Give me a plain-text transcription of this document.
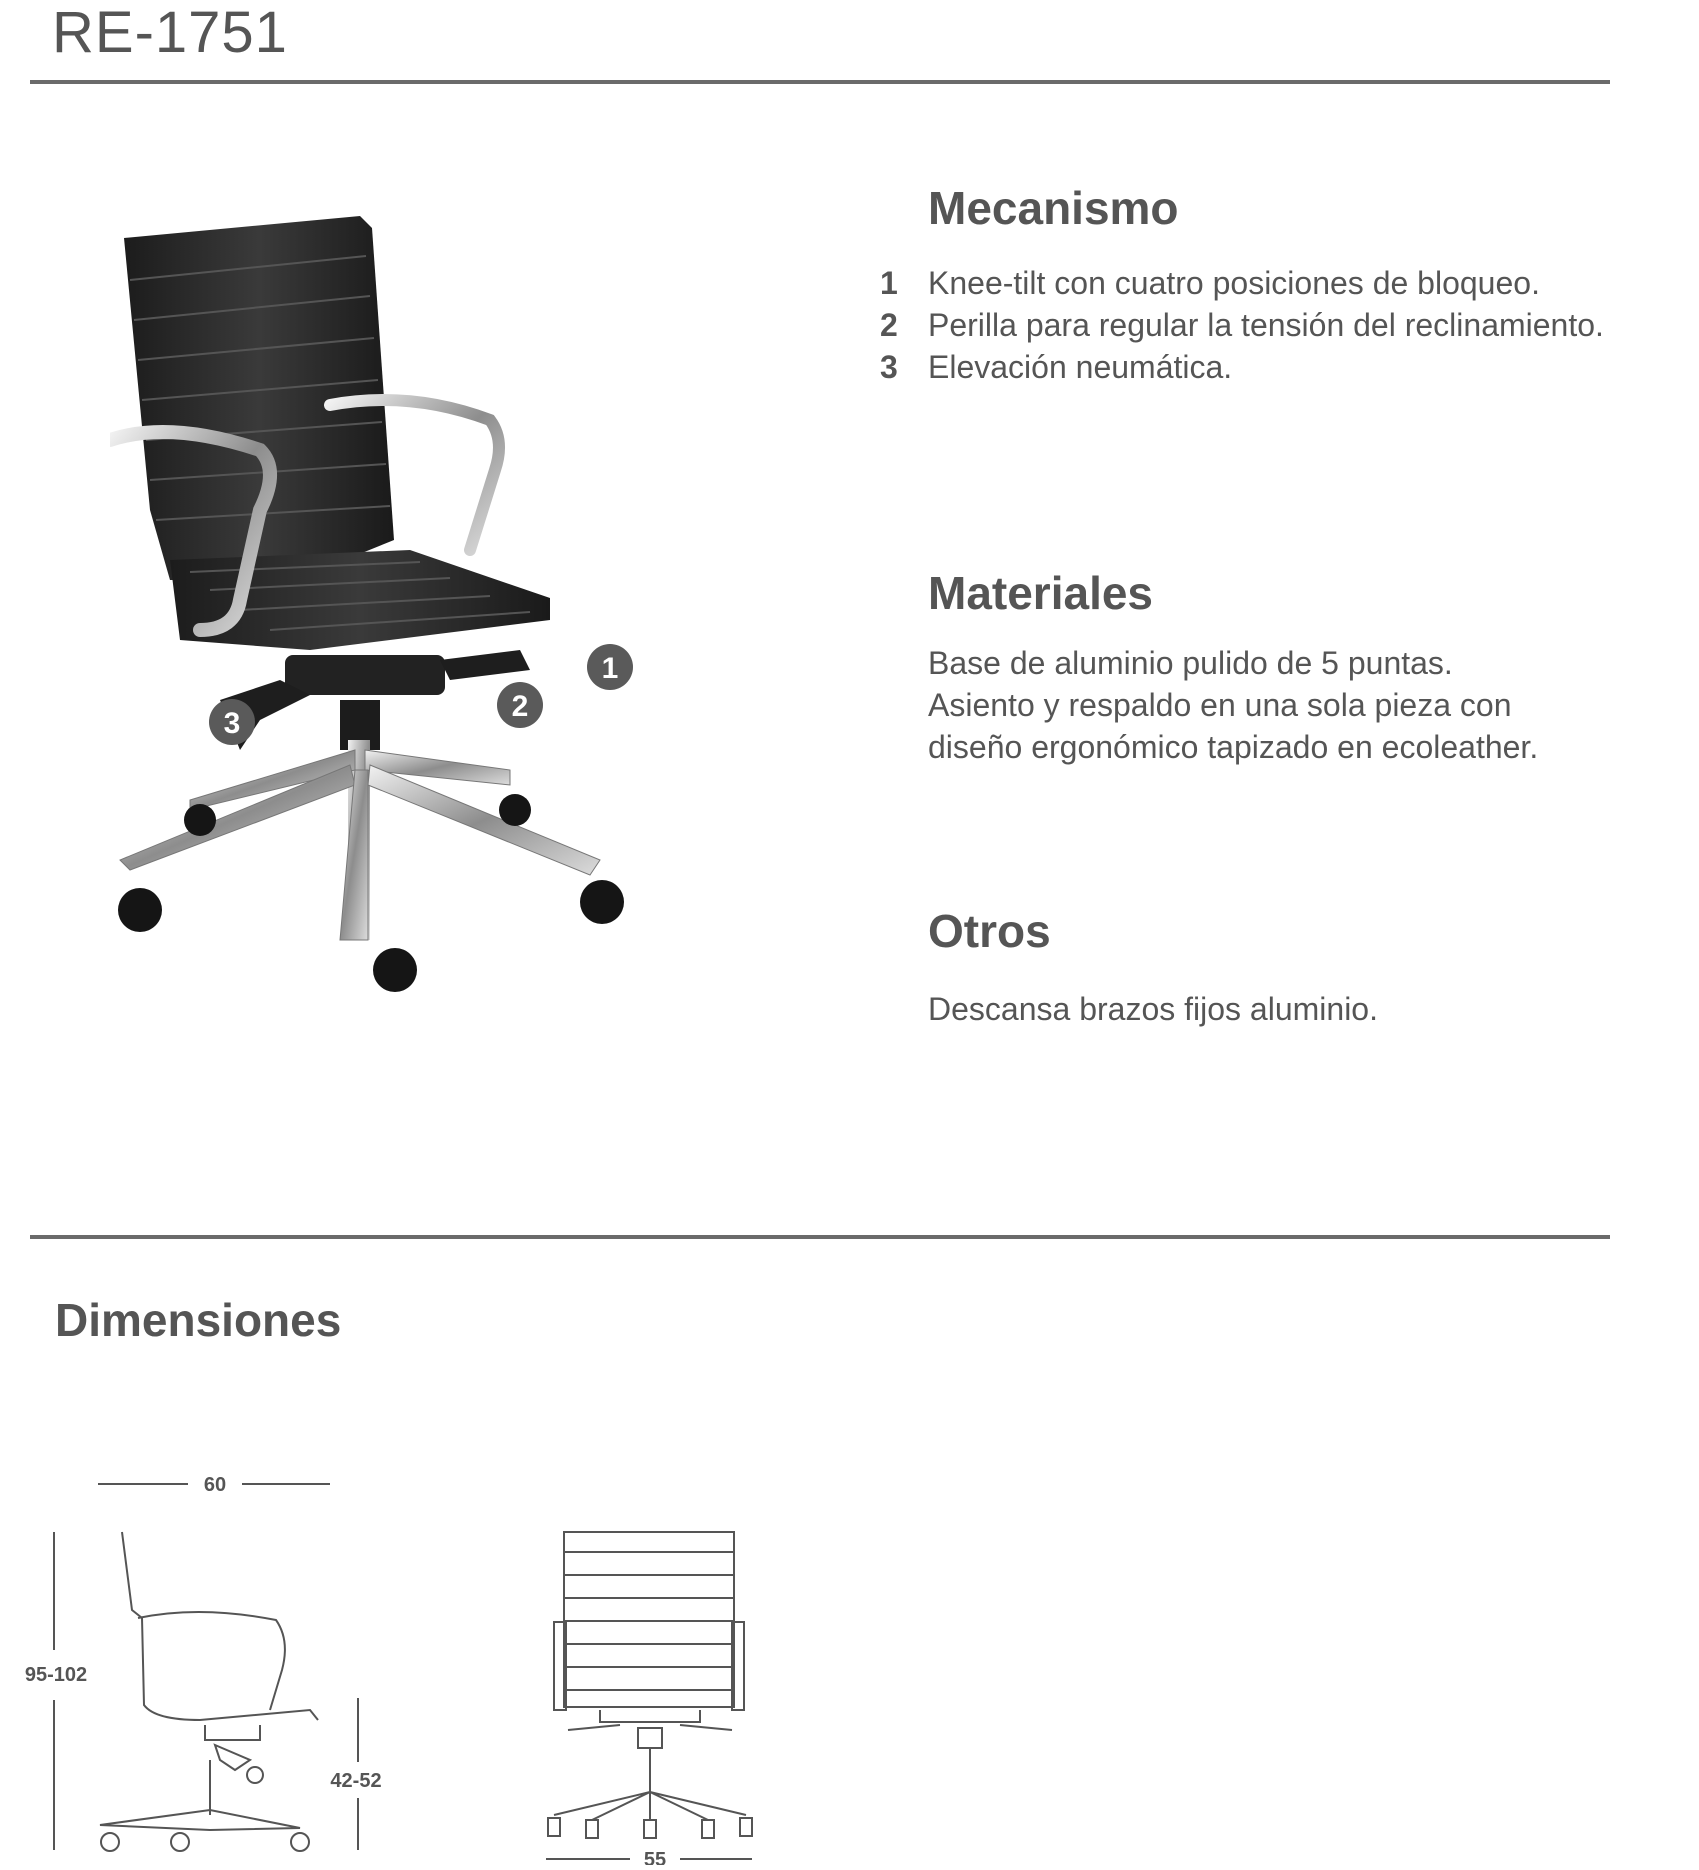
RE-1751
1
2
3
Mecanismo
1 Knee-tilt con cuatro posiciones de bloqueo.
2 Perilla para regular la tensión del reclinamiento.
3 Elevación neumática.
Materiales
Base de aluminio pulido de 5 puntas. Asiento y respaldo en una sola pieza con diseño ergonómico tapizado en ecoleather.
Otros
Descansa brazos fijos aluminio.
Dimensiones
60
95-102
42-52
55
